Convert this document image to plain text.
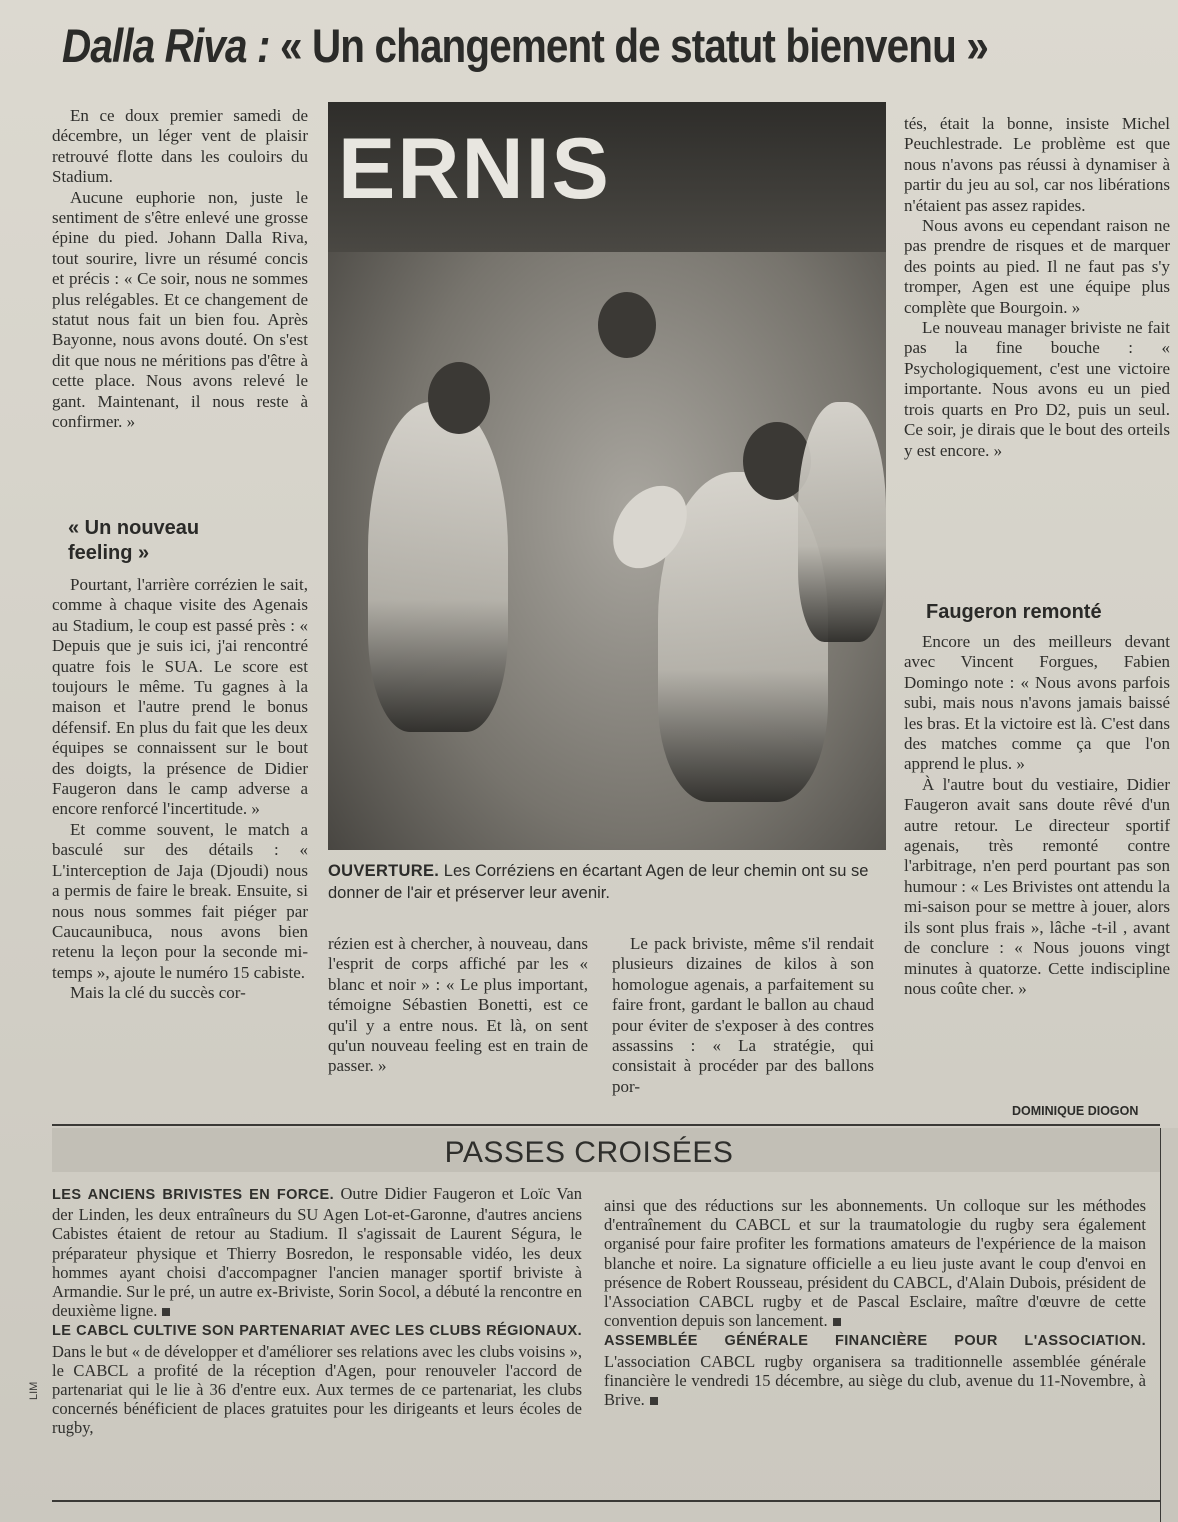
Dalla Riva : « Un changement de statut bienvenu »

En ce doux premier samedi de décembre, un léger vent de plaisir retrouvé flotte dans les couloirs du Stadium.

Aucune euphorie non, juste le sentiment de s'être enlevé une grosse épine du pied. Johann Dalla Riva, tout sourire, livre un résumé concis et précis : « Ce soir, nous ne sommes plus relégables. Et ce changement de statut nous fait un bien fou. Après Bayonne, nous avons douté. On s'est dit que nous ne méritions pas d'être à cette place. Nous avons relevé le gant. Maintenant, il nous reste à confirmer. »

« Un nouveau feeling »

Pourtant, l'arrière corrézien le sait, comme à chaque visite des Agenais au Stadium, le coup est passé près : « Depuis que je suis ici, j'ai rencontré quatre fois le SUA. Le score est toujours le même. Tu gagnes à la maison et l'autre prend le bonus défensif. En plus du fait que les deux équipes se connaissent sur le bout des doigts, la présence de Didier Faugeron dans le camp adverse a encore renforcé l'incertitude. »

Et comme souvent, le match a basculé sur des détails : « L'interception de Jaja (Djoudi) nous a permis de faire le break. Ensuite, si nous nous sommes fait piéger par Caucaunibuca, nous avons bien retenu la leçon pour la seconde mi-temps », ajoute le numéro 15 cabiste.

Mais la clé du succès cor-

ERNIS
OUVERTURE. Les Corréziens en écartant Agen de leur chemin ont su se donner de l'air et préserver leur avenir.

rézien est à chercher, à nouveau, dans l'esprit de corps affiché par les « blanc et noir » : « Le plus important, témoigne Sébastien Bonetti, est ce qu'il y a entre nous. Et là, on sent qu'un nouveau feeling est en train de passer. »

Le pack briviste, même s'il rendait plusieurs dizaines de kilos à son homologue agenais, a parfaitement su faire front, gardant le ballon au chaud pour éviter de s'exposer à des contres assassins : « La stratégie, qui consistait à procéder par des ballons por-

tés, était la bonne, insiste Michel Peuchlestrade. Le problème est que nous n'avons pas réussi à dynamiser à partir du jeu au sol, car nos libérations n'étaient pas assez rapides.

Nous avons eu cependant raison ne pas prendre de risques et de marquer des points au pied. Il ne faut pas s'y tromper, Agen est une équipe plus complète que Bourgoin. »

Le nouveau manager briviste ne fait pas la fine bouche : « Psychologiquement, c'est une victoire importante. Nous avons eu un pied trois quarts en Pro D2, puis un seul. Ce soir, je dirais que le bout des orteils y est encore. »

Faugeron remonté

Encore un des meilleurs devant avec Vincent Forgues, Fabien Domingo note : « Nous avons parfois subi, mais nous n'avons jamais baissé les bras. Et la victoire est là. C'est dans des matches comme ça que l'on apprend le plus. »

À l'autre bout du vestiaire, Didier Faugeron avait sans doute rêvé d'un autre retour. Le directeur sportif agenais, très remonté contre l'arbitrage, n'en perd pourtant pas son humour : « Les Brivistes ont attendu la mi-saison pour se mettre à jouer, alors ils sont plus frais », lâche -t-il , avant de conclure : « Nous jouons vingt minutes à quatorze. Cette indiscipline nous coûte cher. »

DOMINIQUE DIOGON
PASSES CROISÉES
LES ANCIENS BRIVISTES EN FORCE. Outre Didier Faugeron et Loïc Van der Linden, les deux entraîneurs du SU Agen Lot-et-Garonne, d'autres anciens Cabistes étaient de retour au Stadium. Il s'agissait de Laurent Ségura, le préparateur physique et Thierry Bosredon, le responsable vidéo, les deux hommes ayant choisi d'accompagner l'ancien manager sportif briviste à Armandie. Sur le pré, un autre ex-Briviste, Sorin Socol, a débuté la rencontre en deuxième ligne.
LE CABCL CULTIVE SON PARTENARIAT AVEC LES CLUBS RÉGIONAUX. Dans le but « de développer et d'améliorer ses relations avec les clubs voisins », le CABCL a profité de la réception d'Agen, pour renouveler l'accord de partenariat qui le lie à 36 d'entre eux. Aux termes de ce partenariat, les clubs concernés bénéficient de places gratuites pour les dirigeants et leurs écoles de rugby,
ainsi que des réductions sur les abonnements. Un colloque sur les méthodes d'entraînement du CABCL et sur la traumatologie du rugby sera également organisé pour faire profiter les formations amateurs de l'expérience de la maison blanche et noire. La signature officielle a eu lieu juste avant le coup d'envoi en présence de Robert Rousseau, président du CABCL, d'Alain Dubois, président de l'Association CABCL rugby et de Pascal Esclaire, maître d'œuvre de cette convention depuis son lancement.
ASSEMBLÉE GÉNÉRALE FINANCIÈRE POUR L'ASSOCIATION. L'association CABCL rugby organisera sa traditionnelle assemblée générale financière le vendredi 15 décembre, au siège du club, avenue du 11-Novembre, à Brive.
LIM
